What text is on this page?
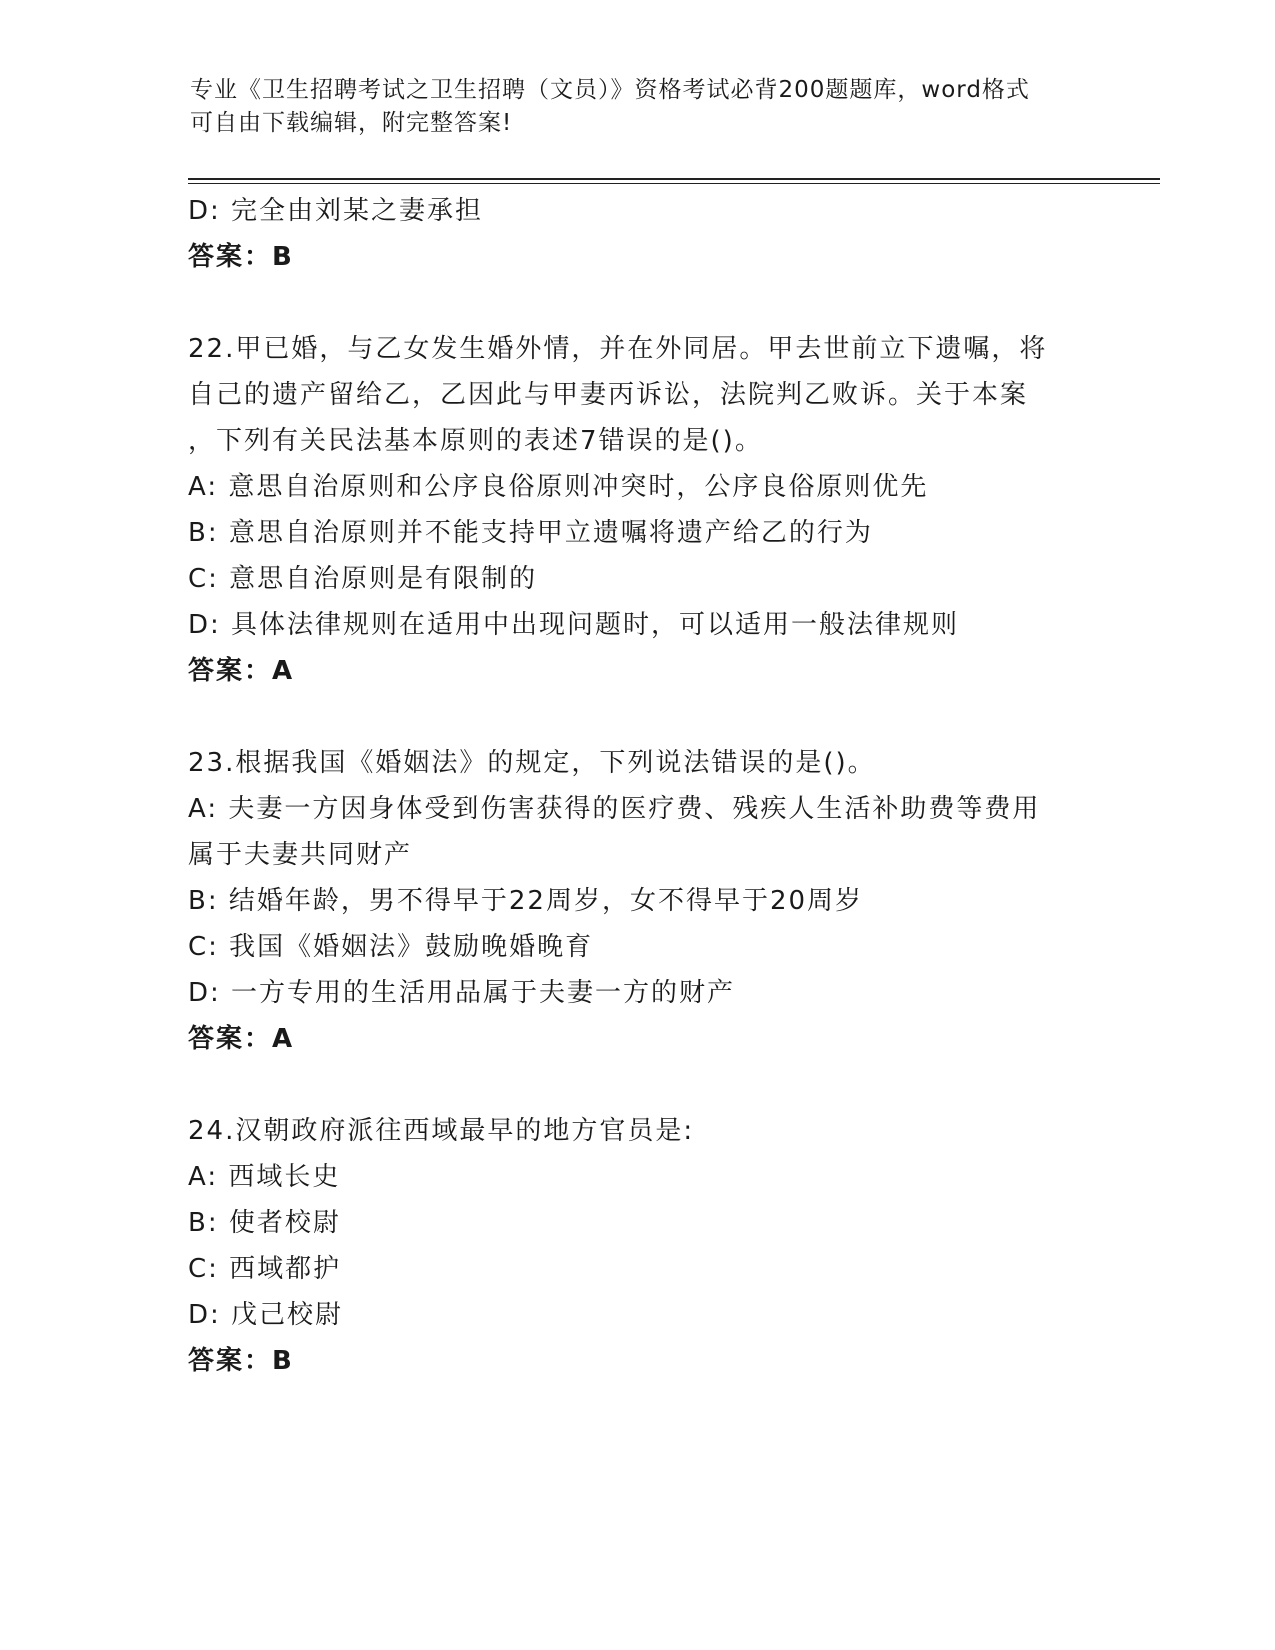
专业《卫生招聘考试之卫生招聘（文员）》资格考试必背200题题库，word格式
可自由下载编辑，附完整答案!
D: 完全由刘某之妻承担
答案：B
22.甲已婚，与乙女发生婚外情，并在外同居。甲去世前立下遗嘱，将
自己的遗产留给乙，乙因此与甲妻丙诉讼，法院判乙败诉。关于本案
，下列有关民法基本原则的表述7错误的是()。
A: 意思自治原则和公序良俗原则冲突时，公序良俗原则优先
B: 意思自治原则并不能支持甲立遗嘱将遗产给乙的行为
C: 意思自治原则是有限制的
D: 具体法律规则在适用中出现问题时，可以适用一般法律规则
答案：A
23.根据我国《婚姻法》的规定，下列说法错误的是()。
A: 夫妻一方因身体受到伤害获得的医疗费、残疾人生活补助费等费用
属于夫妻共同财产
B: 结婚年龄，男不得早于22周岁，女不得早于20周岁
C: 我国《婚姻法》鼓励晚婚晚育
D: 一方专用的生活用品属于夫妻一方的财产
答案：A
24.汉朝政府派往西域最早的地方官员是:
A: 西域长史
B: 使者校尉
C: 西域都护
D: 戊己校尉
答案：B
